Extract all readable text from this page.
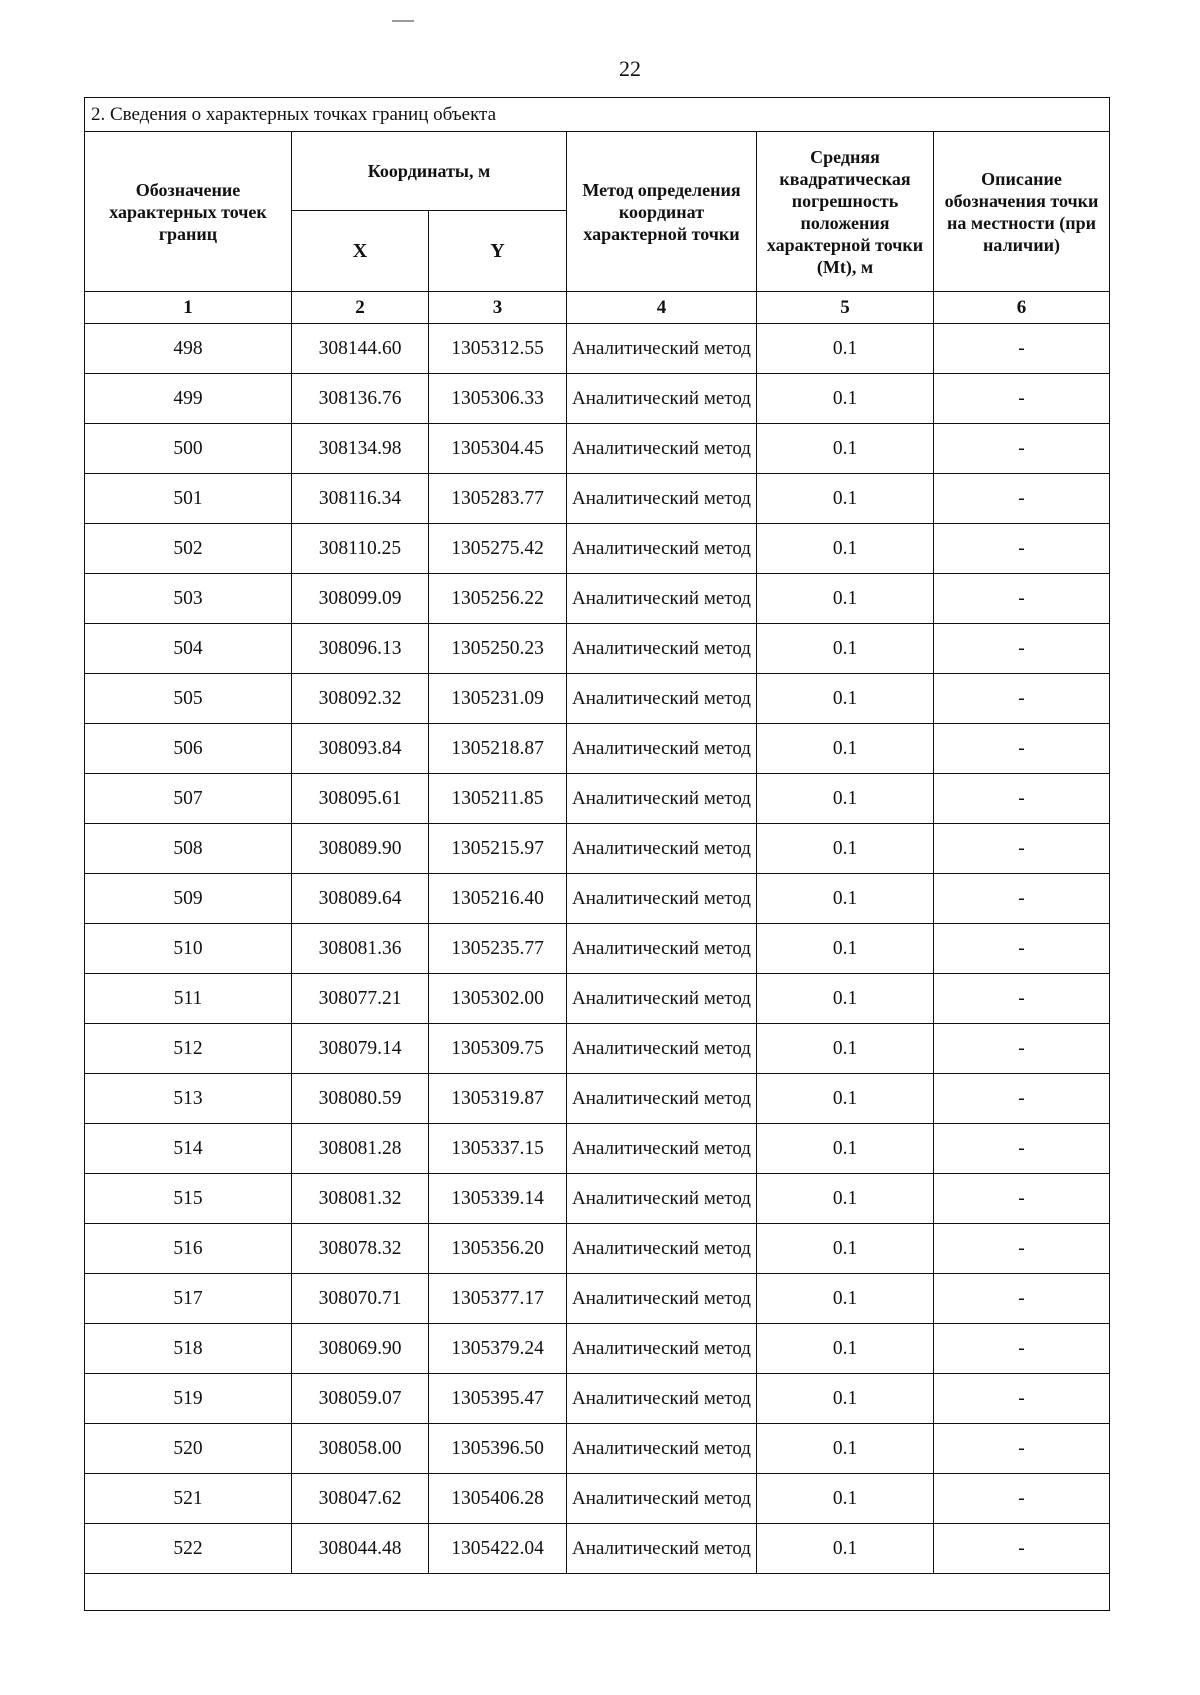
22
2. Сведения о характерных точках границ объекта					
Обозначение характерных точек границ	Координаты, м		Метод определения координат характерной точки	Средняя квадратическая погрешность положения характерной точки (Mt), м	Описание обозначения точки на местности (при наличии)
	X	Y			
1	2	3	4	5	6
498	308144.60	1305312.55	Аналитический метод	0.1	-
499	308136.76	1305306.33	Аналитический метод	0.1	-
500	308134.98	1305304.45	Аналитический метод	0.1	-
501	308116.34	1305283.77	Аналитический метод	0.1	-
502	308110.25	1305275.42	Аналитический метод	0.1	-
503	308099.09	1305256.22	Аналитический метод	0.1	-
504	308096.13	1305250.23	Аналитический метод	0.1	-
505	308092.32	1305231.09	Аналитический метод	0.1	-
506	308093.84	1305218.87	Аналитический метод	0.1	-
507	308095.61	1305211.85	Аналитический метод	0.1	-
508	308089.90	1305215.97	Аналитический метод	0.1	-
509	308089.64	1305216.40	Аналитический метод	0.1	-
510	308081.36	1305235.77	Аналитический метод	0.1	-
511	308077.21	1305302.00	Аналитический метод	0.1	-
512	308079.14	1305309.75	Аналитический метод	0.1	-
513	308080.59	1305319.87	Аналитический метод	0.1	-
514	308081.28	1305337.15	Аналитический метод	0.1	-
515	308081.32	1305339.14	Аналитический метод	0.1	-
516	308078.32	1305356.20	Аналитический метод	0.1	-
517	308070.71	1305377.17	Аналитический метод	0.1	-
518	308069.90	1305379.24	Аналитический метод	0.1	-
519	308059.07	1305395.47	Аналитический метод	0.1	-
520	308058.00	1305396.50	Аналитический метод	0.1	-
521	308047.62	1305406.28	Аналитический метод	0.1	-
522	308044.48	1305422.04	Аналитический метод	0.1	-
